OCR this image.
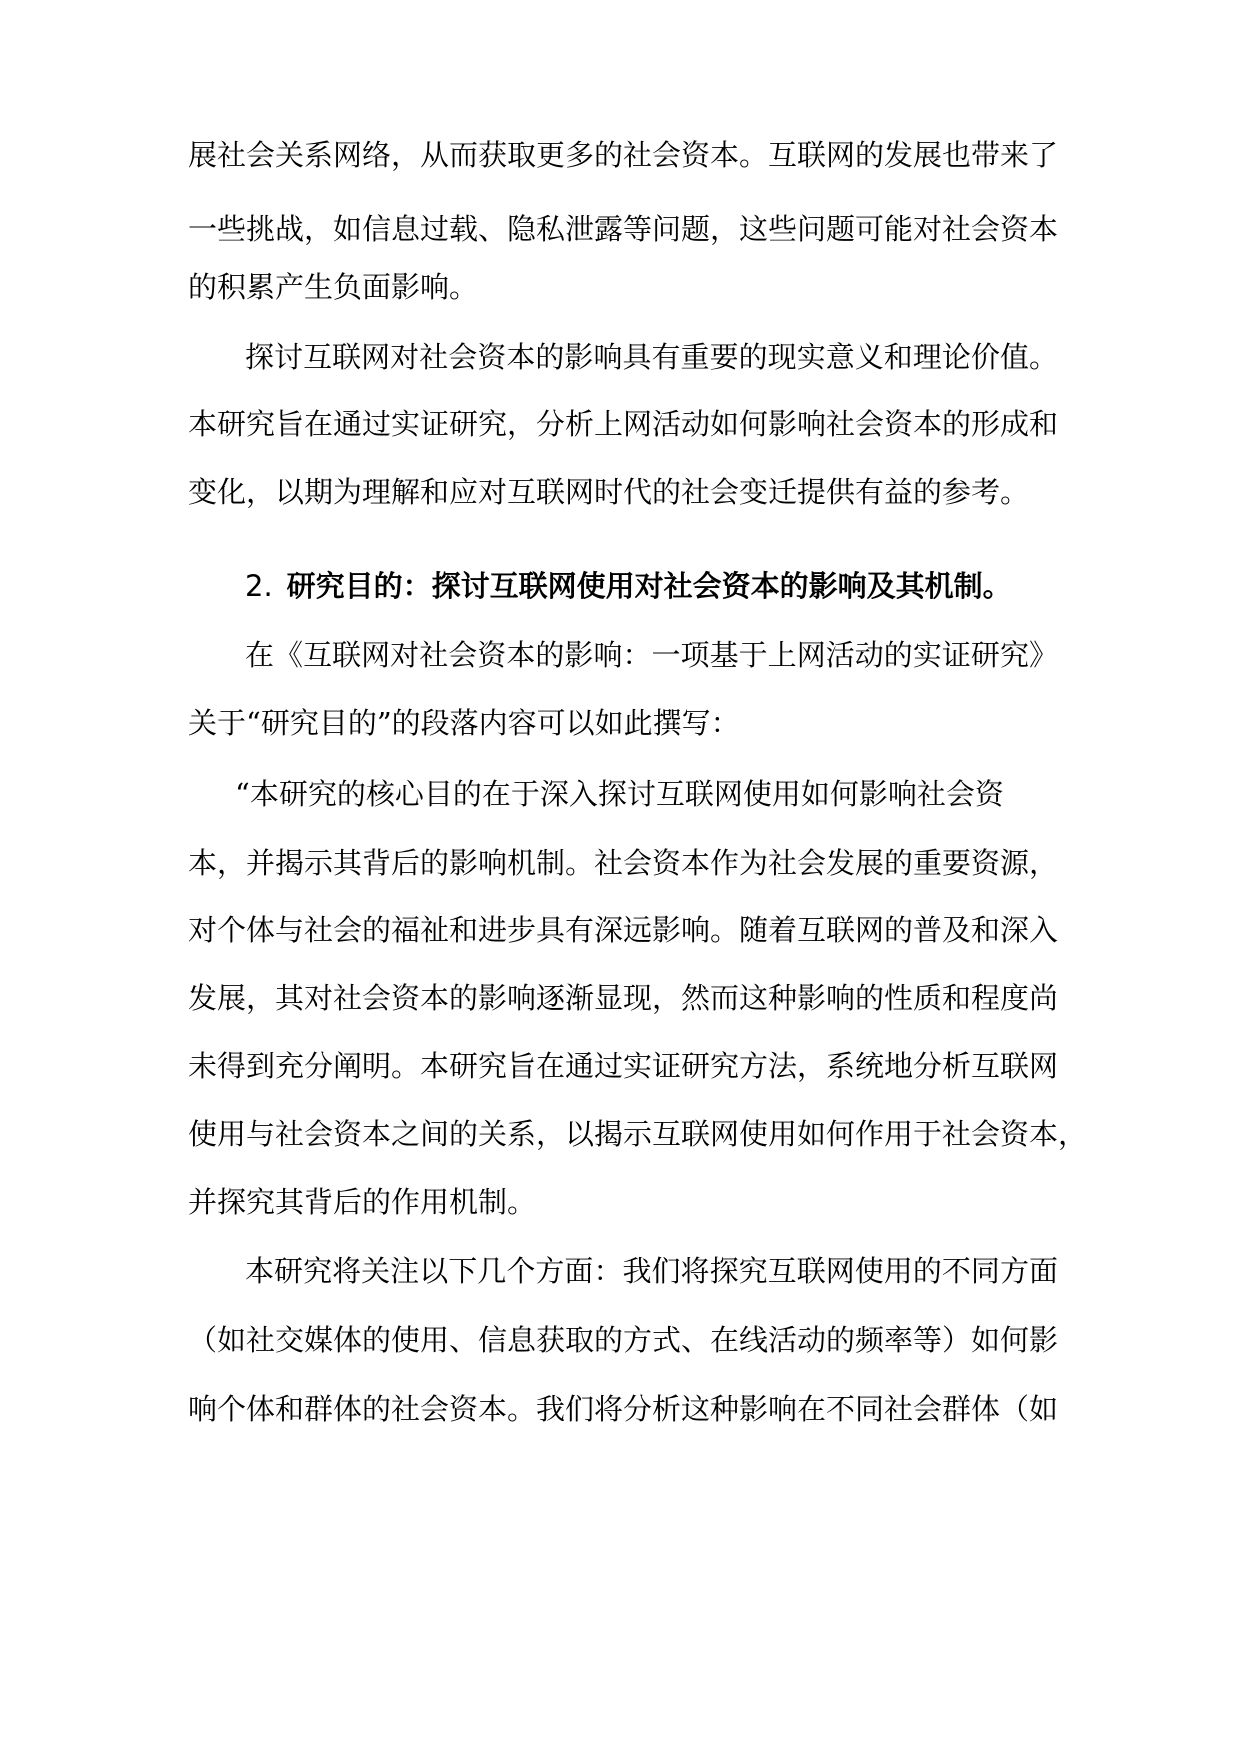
展社会关系网络，从而获取更多的社会资本。互联网的发展也带来了
一些挑战，如信息过载、隐私泄露等问题，这些问题可能对社会资本
的积累产生负面影响。
探讨互联网对社会资本的影响具有重要的现实意义和理论价值。
本研究旨在通过实证研究，分析上网活动如何影响社会资本的形成和
变化，以期为理解和应对互联网时代的社会变迁提供有益的参考。
2. 研究目的：探讨互联网使用对社会资本的影响及其机制。
在《互联网对社会资本的影响：一项基于上网活动的实证研究》
关于“研究目的”的段落内容可以如此撰写：
“本研究的核心目的在于深入探讨互联网使用如何影响社会资
本，并揭示其背后的影响机制。社会资本作为社会发展的重要资源，
对个体与社会的福祉和进步具有深远影响。随着互联网的普及和深入
发展，其对社会资本的影响逐渐显现，然而这种影响的性质和程度尚
未得到充分阐明。本研究旨在通过实证研究方法，系统地分析互联网
使用与社会资本之间的关系，以揭示互联网使用如何作用于社会资本，
并探究其背后的作用机制。
本研究将关注以下几个方面：我们将探究互联网使用的不同方面
（如社交媒体的使用、信息获取的方式、在线活动的频率等）如何影
响个体和群体的社会资本。我们将分析这种影响在不同社会群体（如
